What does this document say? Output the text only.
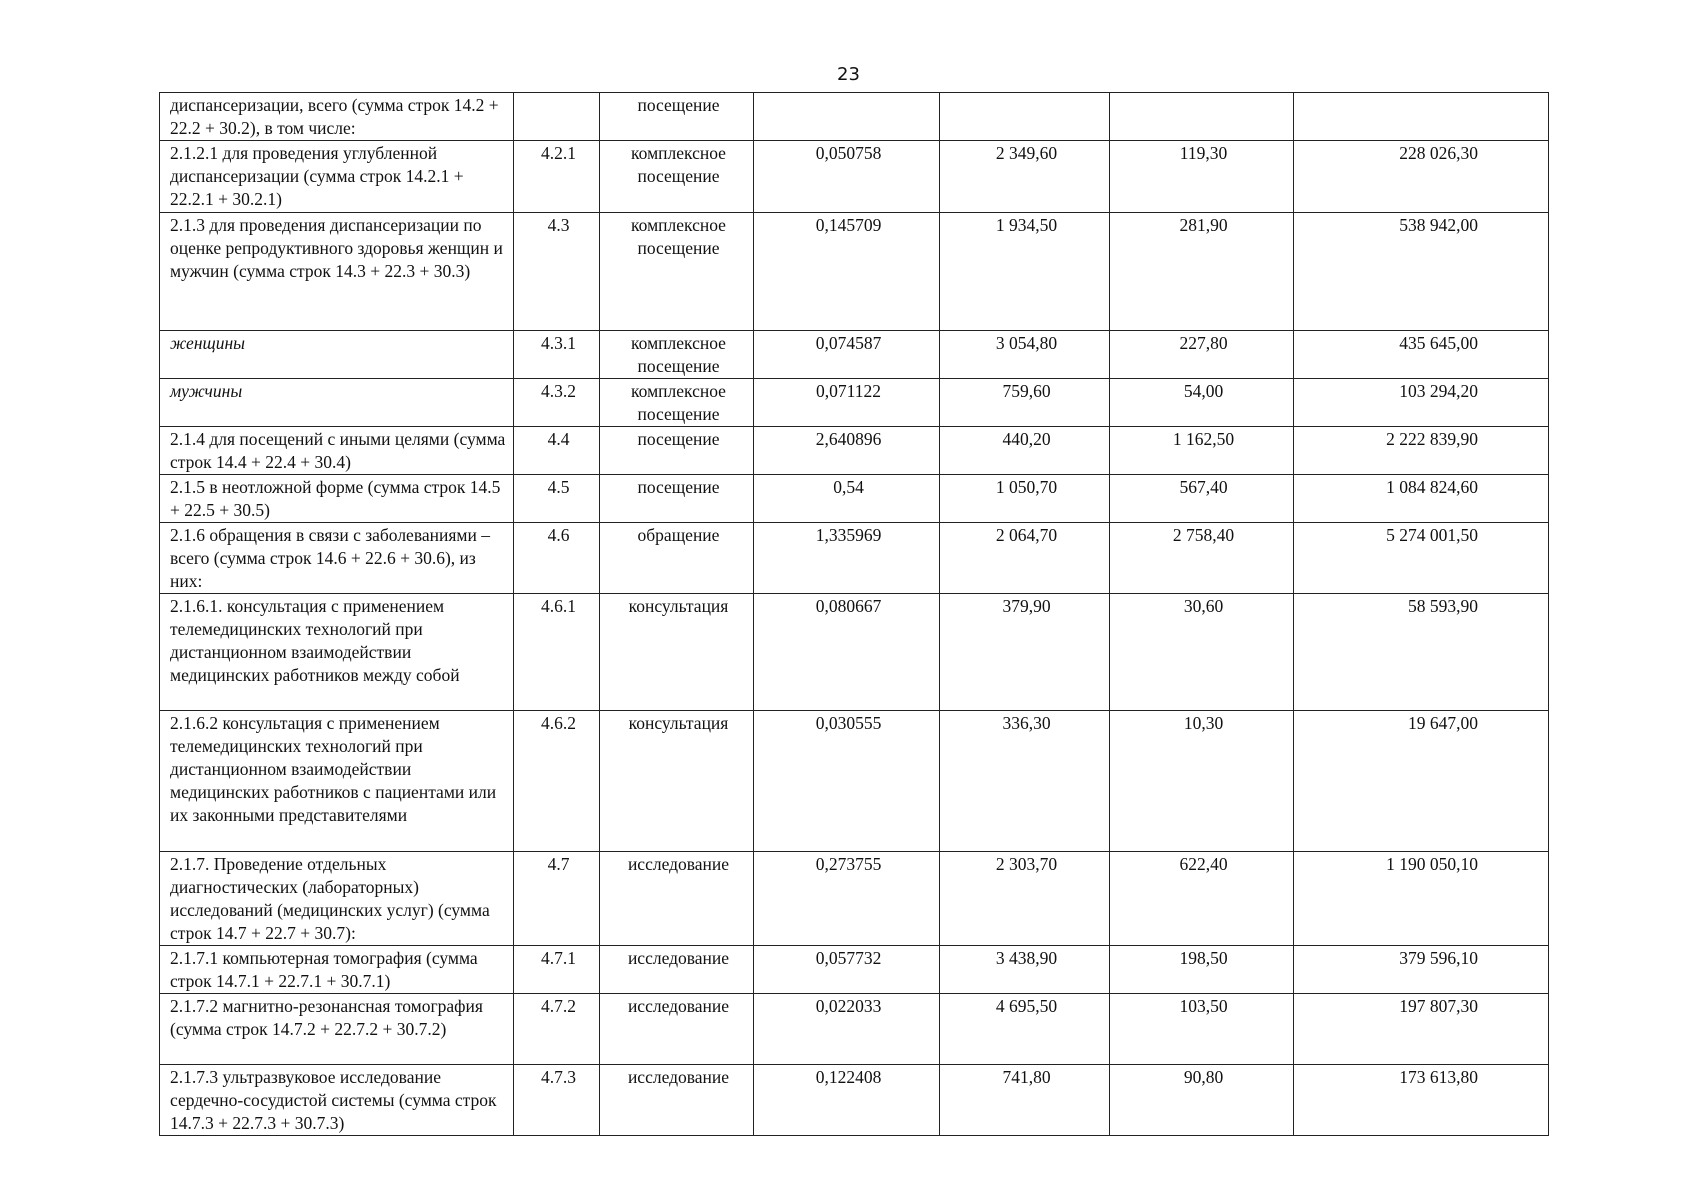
23
диспансеризации, всего (сумма строк 14.2 + 22.2 + 30.2), в том числе:		посещение				
2.1.2.1 для проведения углубленной диспансеризации (сумма строк 14.2.1 + 22.2.1 + 30.2.1)	4.2.1	комплексное посещение	0,050758	2 349,60	119,30	228 026,30
2.1.3 для проведения диспансеризации по оценке репродуктивного здоровья женщин и мужчин (сумма строк 14.3 + 22.3 + 30.3)	4.3	комплексное посещение	0,145709	1 934,50	281,90	538 942,00
женщины	4.3.1	комплексное посещение	0,074587	3 054,80	227,80	435 645,00
мужчины	4.3.2	комплексное посещение	0,071122	759,60	54,00	103 294,20
2.1.4 для посещений с иными целями (сумма строк 14.4 + 22.4 + 30.4)	4.4	посещение	2,640896	440,20	1 162,50	2 222 839,90
2.1.5 в неотложной форме (сумма строк 14.5 + 22.5 + 30.5)	4.5	посещение	0,54	1 050,70	567,40	1 084 824,60
2.1.6 обращения в связи с заболеваниями – всего (сумма строк 14.6 + 22.6 + 30.6), из них:	4.6	обращение	1,335969	2 064,70	2 758,40	5 274 001,50
2.1.6.1. консультация с применением телемедицинских технологий при дистанционном взаимодействии медицинских работников между собой	4.6.1	консультация	0,080667	379,90	30,60	58 593,90
2.1.6.2 консультация с применением телемедицинских технологий при дистанционном взаимодействии медицинских работников с пациентами или их законными представителями	4.6.2	консультация	0,030555	336,30	10,30	19 647,00
2.1.7. Проведение отдельных диагностических (лабораторных) исследований (медицинских услуг) (сумма строк 14.7 + 22.7 + 30.7):	4.7	исследование	0,273755	2 303,70	622,40	1 190 050,10
2.1.7.1 компьютерная томография (сумма строк 14.7.1 + 22.7.1 + 30.7.1)	4.7.1	исследование	0,057732	3 438,90	198,50	379 596,10
2.1.7.2 магнитно-резонансная томография (сумма строк 14.7.2 + 22.7.2 + 30.7.2)	4.7.2	исследование	0,022033	4 695,50	103,50	197 807,30
2.1.7.3 ультразвуковое исследование сердечно-сосудистой системы (сумма строк 14.7.3 + 22.7.3 + 30.7.3)	4.7.3	исследование	0,122408	741,80	90,80	173 613,80
